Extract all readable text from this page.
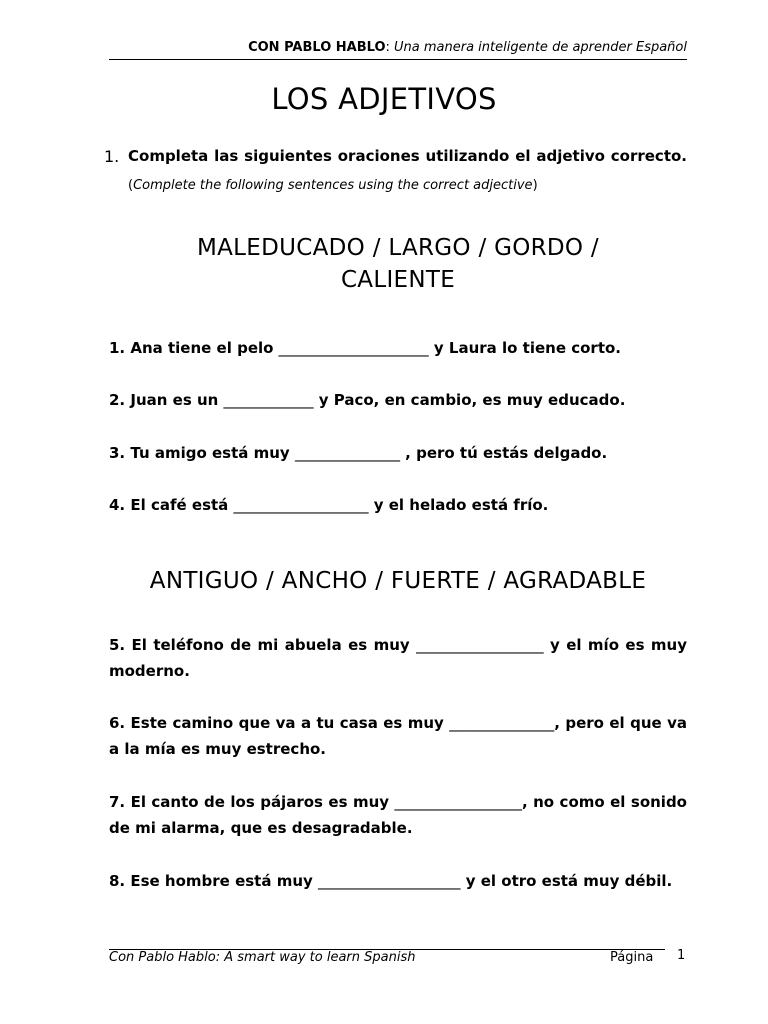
CON PABLO HABLO: Una manera inteligente de aprender Español
LOS ADJETIVOS
1. Completa las siguientes oraciones utilizando el adjetivo correcto. (Complete the following sentences using the correct adjective)
MALEDUCADO / LARGO / GORDO /
CALIENTE
1. Ana tiene el pelo ____________________ y Laura lo tiene corto.
2. Juan es un ____________ y Paco, en cambio, es muy educado.
3. Tu amigo está muy ______________ , pero tú estás delgado.
4. El café está __________________ y el helado está frío.
ANTIGUO / ANCHO / FUERTE / AGRADABLE
5. El teléfono de mi abuela es muy _________________ y el mío es muy moderno.
6. Este camino que va a tu casa es muy ______________, pero el que va a la mía es muy estrecho.
7. El canto de los pájaros es muy _________________, no como el sonido de mi alarma, que es desagradable.
8. Ese hombre está muy ___________________ y el otro está muy débil.
Con Pablo Hablo: A smart way to learn Spanish	Página 1
